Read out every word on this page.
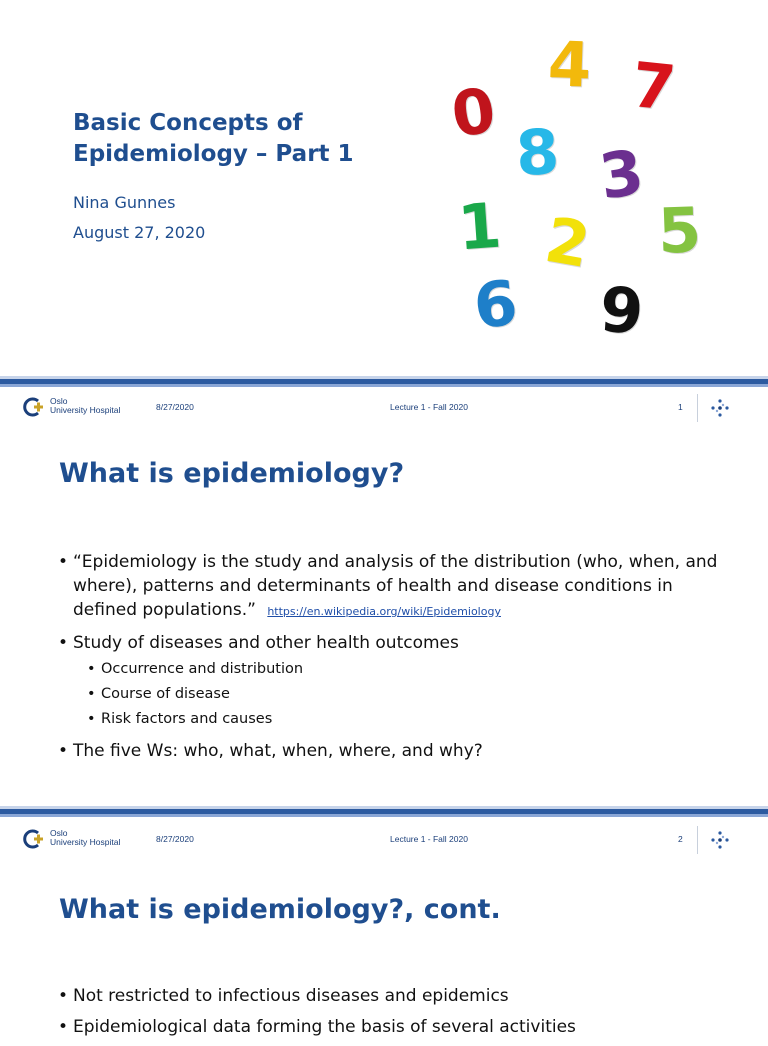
Basic Concepts of
Epidemiology – Part 1
Nina Gunnes
August 27, 2020
0
4 7
8 3
1 2 5
6 9
Oslo
University Hospital	8/27/2020	Lecture 1 - Fall 2020	1
What is epidemiology?
• “Epidemiology is the study and analysis of the distribution (who, when, and where), patterns and determinants of health and disease conditions in defined populations.” https://en.wikipedia.org/wiki/Epidemiology
• Study of diseases and other health outcomes
• Occurrence and distribution
• Course of disease
• Risk factors and causes
• The five Ws: who, what, when, where, and why?
Oslo
University Hospital	8/27/2020	Lecture 1 - Fall 2020	2
What is epidemiology?, cont.
• Not restricted to infectious diseases and epidemics
• Epidemiological data forming the basis of several activities
